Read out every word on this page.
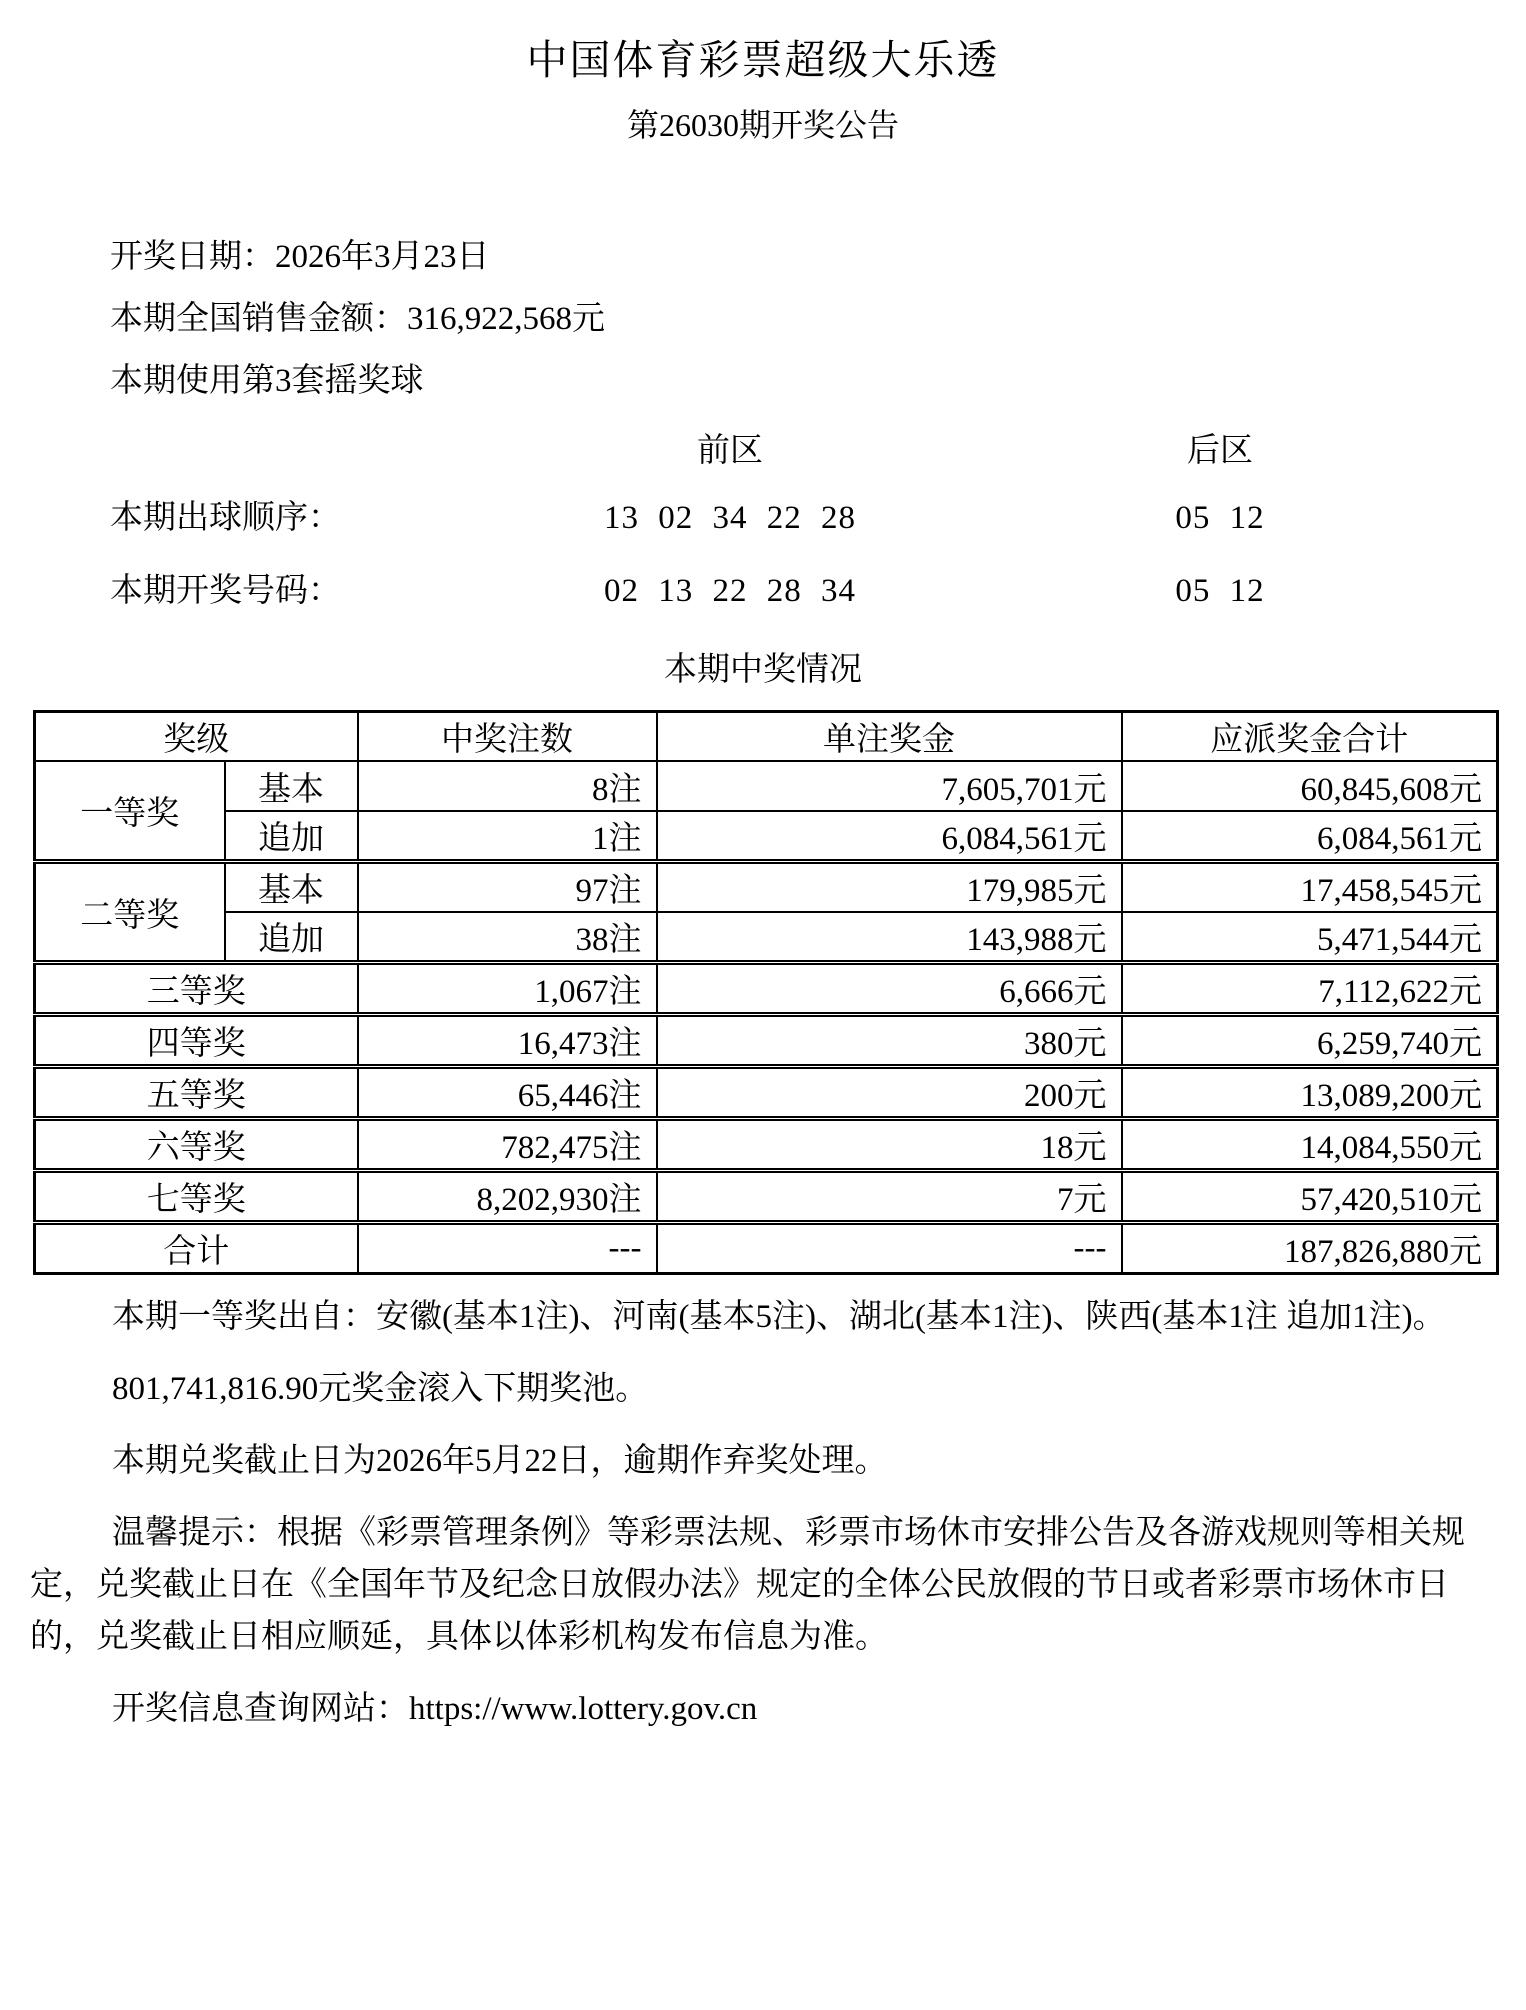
中国体育彩票超级大乐透
第26030期开奖公告
开奖日期：2026年3月23日
本期全国销售金额：316,922,568元
本期使用第3套摇奖球
前区	后区
本期出球顺序：	13 02 34 22 28	05 12
本期开奖号码：	02 13 22 28 34	05 12
本期中奖情况
奖级		中奖注数	单注奖金	应派奖金合计
一等奖	基本	8注	7,605,701元	60,845,608元
	追加	1注	6,084,561元	6,084,561元
二等奖	基本	97注	179,985元	17,458,545元
	追加	38注	143,988元	5,471,544元
三等奖		1,067注	6,666元	7,112,622元
四等奖		16,473注	380元	6,259,740元
五等奖		65,446注	200元	13,089,200元
六等奖		782,475注	18元	14,084,550元
七等奖		8,202,930注	7元	57,420,510元
合计		---	---	187,826,880元

本期一等奖出自：安徽(基本1注)、河南(基本5注)、湖北(基本1注)、陕西(基本1注 追加1注)。

801,741,816.90元奖金滚入下期奖池。

本期兑奖截止日为2026年5月22日，逾期作弃奖处理。

温馨提示：根据《彩票管理条例》等彩票法规、彩票市场休市安排公告及各游戏规则等相关规定，兑奖截止日在《全国年节及纪念日放假办法》规定的全体公民放假的节日或者彩票市场休市日的，兑奖截止日相应顺延，具体以体彩机构发布信息为准。

开奖信息查询网站：https://www.lottery.gov.cn
